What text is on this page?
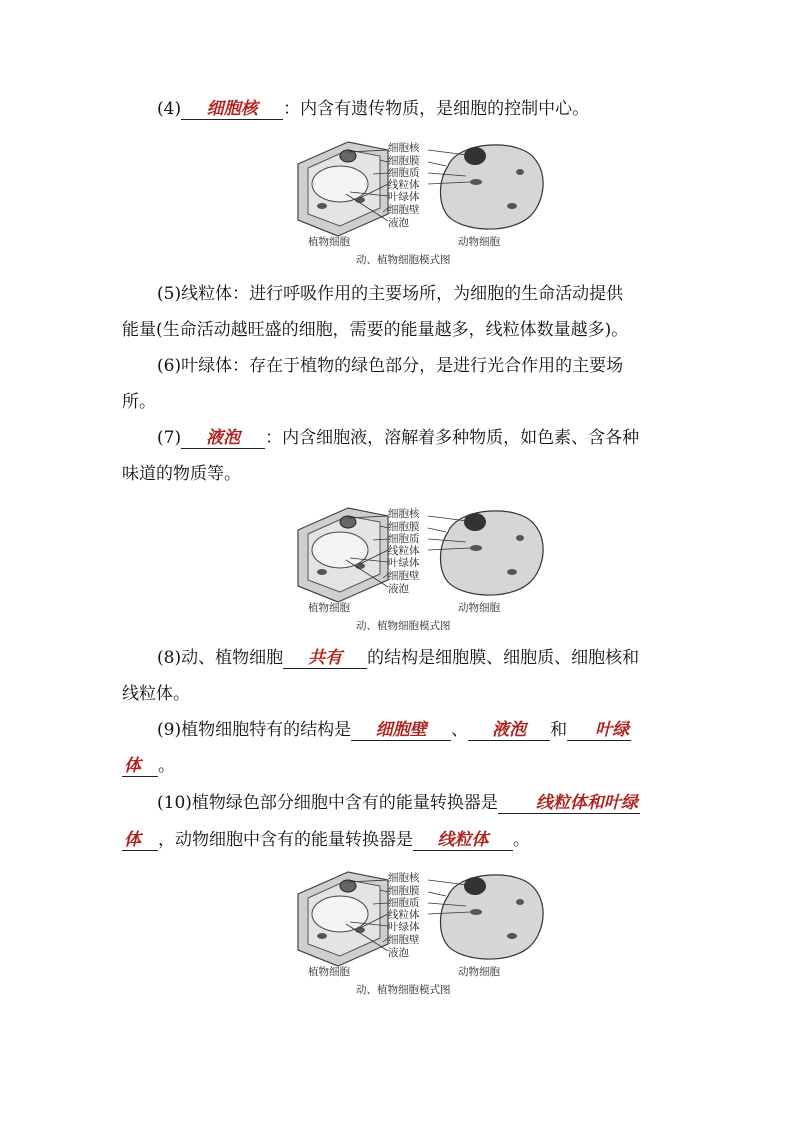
(4) 细胞核 ：内含有遗传物质，是细胞的控制中心。
细胞核
细胞膜
细胞质
线粒体
叶绿体
细胞壁
液泡
植物细胞	动物细胞
动、植物细胞模式图
(5)线粒体：进行呼吸作用的主要场所，为细胞的生命活动提供
能量(生命活动越旺盛的细胞，需要的能量越多，线粒体数量越多)。
(6)叶绿体：存在于植物的绿色部分，是进行光合作用的主要场
所。
(7) 液泡 ：内含细胞液，溶解着多种物质，如色素、含各种
味道的物质等。
细胞核
细胞膜
细胞质
线粒体
叶绿体
细胞壁
液泡
植物细胞	动物细胞
动、植物细胞模式图
(8)动、植物细胞 共有 的结构是细胞膜、细胞质、细胞核和
线粒体。
(9)植物细胞特有的结构是 细胞壁 、 液泡 和 叶绿
体 。
(10)植物绿色部分细胞中含有的能量转换器是 线粒体和叶绿
体 ，动物细胞中含有的能量转换器是 线粒体 。
细胞核
细胞膜
细胞质
线粒体
叶绿体
细胞壁
液泡
植物细胞	动物细胞
动、植物细胞模式图
